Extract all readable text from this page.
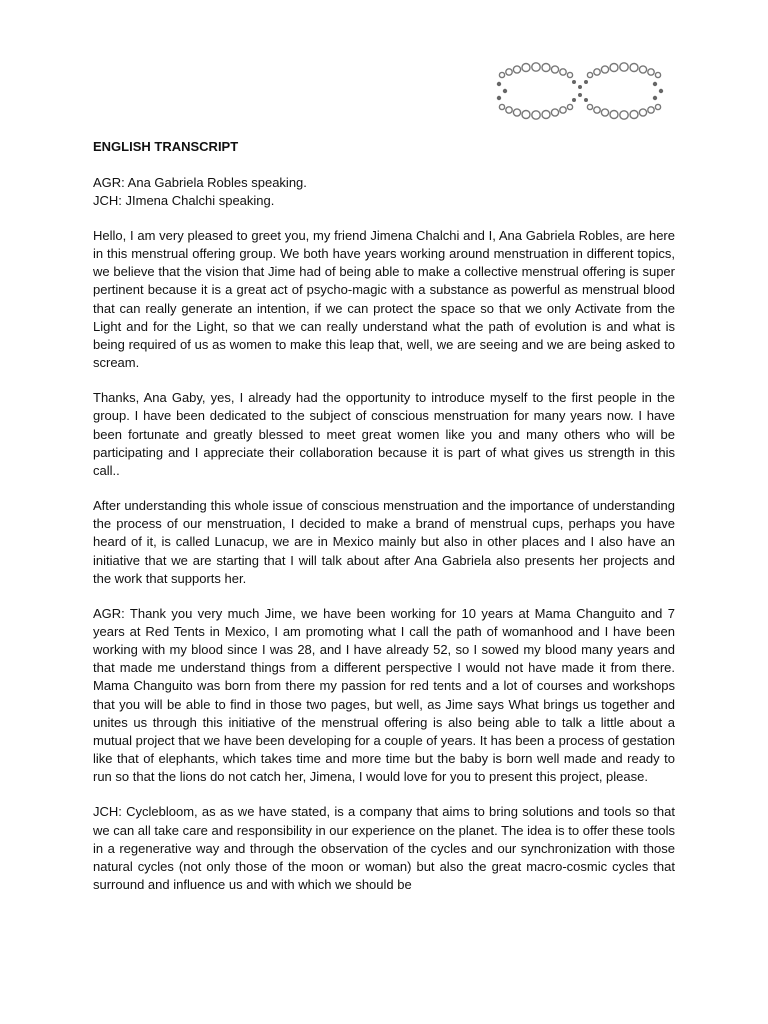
ENGLISH TRANSCRIPT

AGR: Ana Gabriela Robles speaking.

JCH: JImena Chalchi speaking.

Hello, I am very pleased to greet you, my friend Jimena Chalchi and I, Ana Gabriela Robles, are here in this menstrual offering group. We both have years working around menstruation in different topics, we believe that the vision that Jime had of being able to make a collective menstrual offering is super pertinent because it is a great act of psycho-magic with a substance as powerful as menstrual blood that can really generate an intention, if we can protect the space so that we only Activate from the Light and for the Light, so that we can really understand what the path of evolution is and what is being required of us as women to make this leap that, well, we are seeing and we are being asked to scream.

Thanks, Ana Gaby, yes, I already had the opportunity to introduce myself to the first people in the group. I have been dedicated to the subject of conscious menstruation for many years now. I have been fortunate and greatly blessed to meet great women like you and many others who will be participating and I appreciate their collaboration because it is part of what gives us strength in this call..

After understanding this whole issue of conscious menstruation and the importance of understanding the process of our menstruation, I decided to make a brand of menstrual cups, perhaps you have heard of it, is called Lunacup, we are in Mexico mainly but also in other places and I also have an initiative that we are starting that I will talk about after Ana Gabriela also presents her projects and the work that supports her.

AGR: Thank you very much Jime, we have been working for 10 years at Mama Changuito and 7 years at Red Tents in Mexico, I am promoting what I call the path of womanhood and I have been working with my blood since I was 28, and I have already 52, so I sowed my blood many years and that made me understand things from a different perspective I would not have made it from there. Mama Changuito was born from there my passion for red tents and a lot of courses and workshops that you will be able to find in those two pages, but well, as Jime says What brings us together and unites us through this initiative of the menstrual offering is also being able to talk a little about a mutual project that we have been developing for a couple of years. It has been a process of gestation like that of elephants, which takes time and more time but the baby is born well made and ready to run so that the lions do not catch her, Jimena, I would love for you to present this project, please.

JCH: Cyclebloom, as as we have stated, is a company that aims to bring solutions and tools so that we can all take care and responsibility in our experience on the planet. The idea is to offer these tools in a regenerative way and through the observation of the cycles and our synchronization with those natural cycles (not only those of the moon or woman) but also the great macro-cosmic cycles that surround and influence us and with which we should be
